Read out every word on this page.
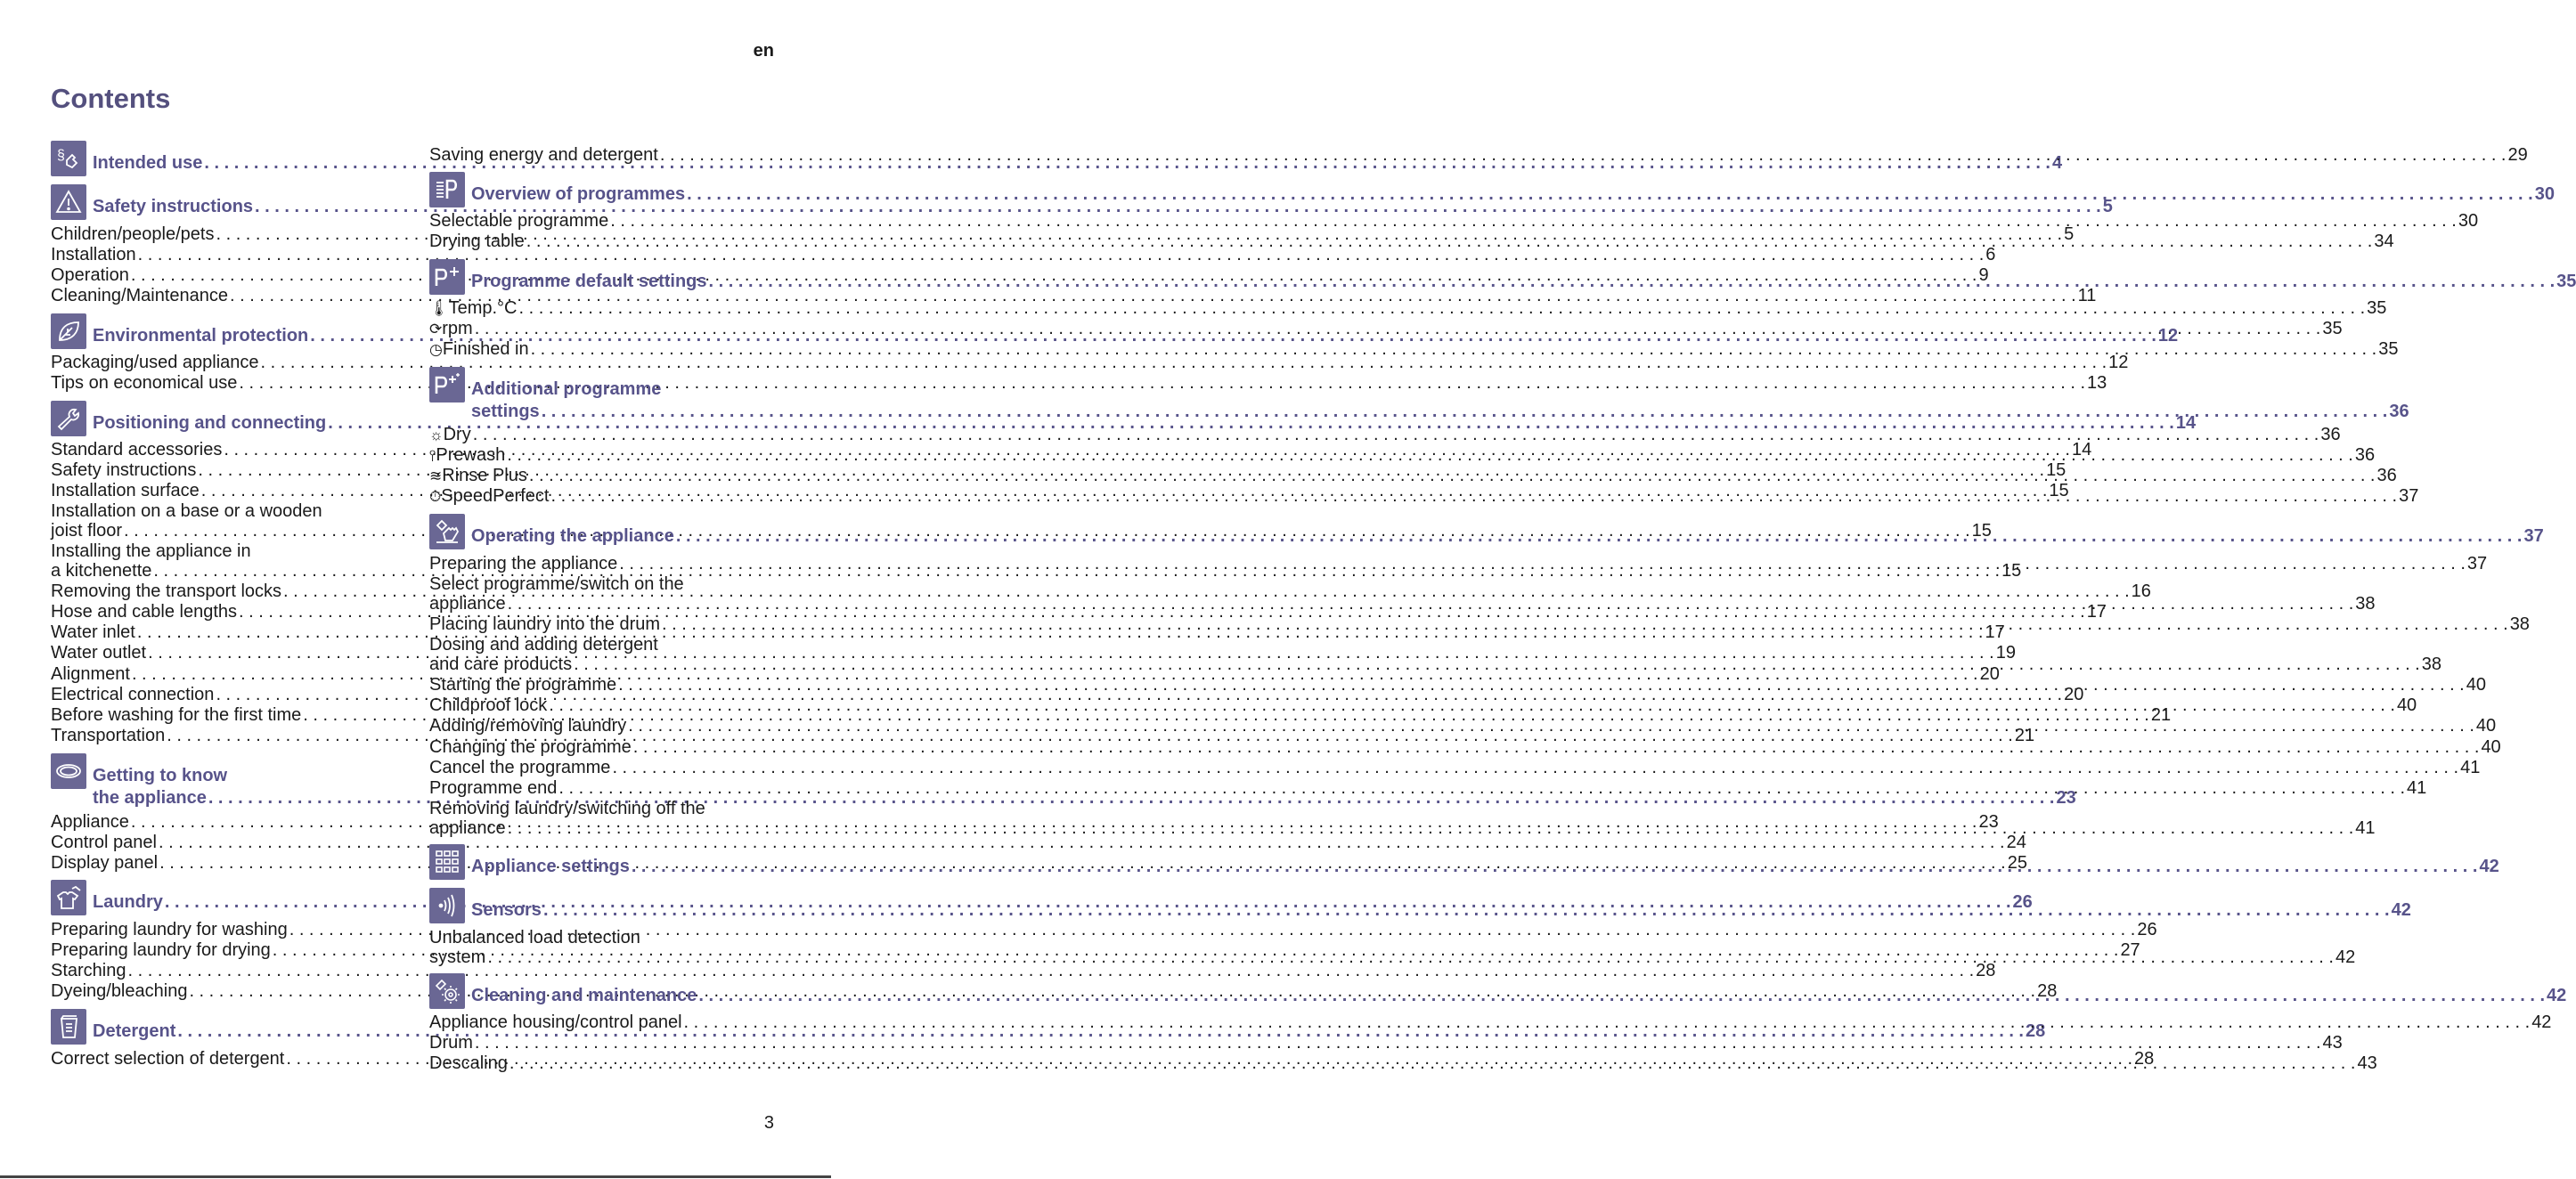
en
Contents
§ Intended use . . .	4
Safety instructions . . .	5
Children/people/pets . . .	5
Installation . . .	6
Operation . . .	9
Cleaning/Maintenance . . .	11
Environmental protection . . .	12
Packaging/used appliance . . .	12
Tips on economical use . . .	13
Positioning and connecting . . .	14
Standard accessories . . .	14
Safety instructions . . .	15
Installation surface . . .	15
Installation on a base or a wooden
joist floor . . .	15
Installing the appliance in
a kitchenette . . .	15
Removing the transport locks . . .	16
Hose and cable lengths . . .	17
Water inlet . . .	17
Water outlet . . .	19
Alignment . . .	20
Electrical connection . . .	20
Before washing for the first time . . .	21
Transportation . . .	21
Getting to know
the appliance . . .	23
Appliance . . .	23
Control panel . . .	24
Display panel . . .	25
Laundry . . .	26
Preparing laundry for washing . . .	26
Preparing laundry for drying . . .	27
Starching . . .	28
Dyeing/bleaching . . .	28
Detergent . . .	28
Correct selection of detergent . . .	28
Saving energy and detergent . . .	29
Overview of programmes . . .	30
Selectable programme . . .	30
Drying table . . .	34
Programme default settings . . .	35
🌡 Temp.°C . . .	35
⟳ rpm . . .	35
◷ Finished in . . .	35
Additional programme
settings . . .	36
☼ Dry . . .	36
⫯ Prewash . . .	36
≋ Rinse Plus . . .	36
⏱ SpeedPerfect . . .	37
Operating the appliance . . .	37
Preparing the appliance . . .	37
Select programme/switch on the
appliance . . .	38
Placing laundry into the drum . . .	38
Dosing and adding detergent
and care products . . .	38
Starting the programme . . .	40
Childproof lock . . .	40
Adding/removing laundry . . .	40
Changing the programme . . .	40
Cancel the programme . . .	41
Programme end . . .	41
Removing laundry/switching off the
appliance . . .	41
Appliance settings . . .	42
Sensors . . .	42
Unbalanced load detection
system . . .	42
Cleaning and maintenance . . .	42
Appliance housing/control panel . . .	42
Drum . . .	43
Descaling . . .	43
3
